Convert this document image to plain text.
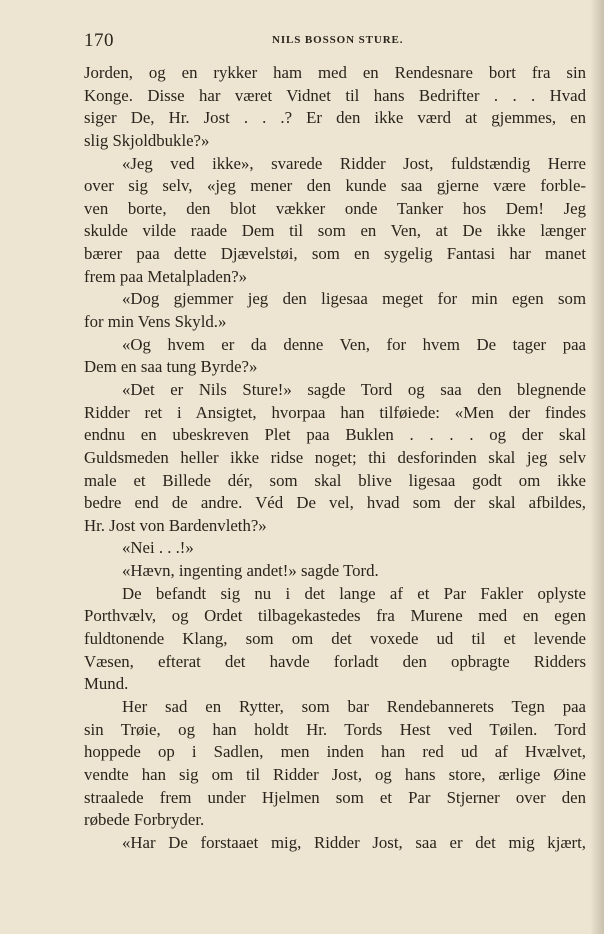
170	NILS BOSSON STURE.
Jorden, og en rykker ham med en Rendesnare bort fra sin
Konge. Disse har været Vidnet til hans Bedrifter . . . Hvad
siger De, Hr. Jost . . .? Er den ikke værd at gjemmes, en
slig Skjoldbukle?»
«Jeg ved ikke», svarede Ridder Jost, fuldstændig Herre
over sig selv, «jeg mener den kunde saa gjerne være forble-
ven borte, den blot vækker onde Tanker hos Dem! Jeg
skulde vilde raade Dem til som en Ven, at De ikke længer
bærer paa dette Djævelstøi, som en sygelig Fantasi har manet
frem paa Metalpladen?»
«Dog gjemmer jeg den ligesaa meget for min egen som
for min Vens Skyld.»
«Og hvem er da denne Ven, for hvem De tager paa
Dem en saa tung Byrde?»
«Det er Nils Sture!» sagde Tord og saa den blegnende
Ridder ret i Ansigtet, hvorpaa han tilføiede: «Men der findes
endnu en ubeskreven Plet paa Buklen . . . . og der skal
Guldsmeden heller ikke ridse noget; thi desforinden skal jeg selv
male et Billede dér, som skal blive ligesaa godt om ikke
bedre end de andre. Véd De vel, hvad som der skal afbildes,
Hr. Jost von Bardenvleth?»
«Nei . . .!»
«Hævn, ingenting andet!» sagde Tord.
De befandt sig nu i det lange af et Par Fakler oplyste
Porthvælv, og Ordet tilbagekastedes fra Murene med en egen
fuldtonende Klang, som om det voxede ud til et levende
Væsen, efterat det havde forladt den opbragte Ridders
Mund.
Her sad en Rytter, som bar Rendebannerets Tegn paa
sin Trøie, og han holdt Hr. Tords Hest ved Tøilen. Tord
hoppede op i Sadlen, men inden han red ud af Hvælvet,
vendte han sig om til Ridder Jost, og hans store, ærlige Øine
straalede frem under Hjelmen som et Par Stjerner over den
røbede Forbryder.
«Har De forstaaet mig, Ridder Jost, saa er det mig kjært,
